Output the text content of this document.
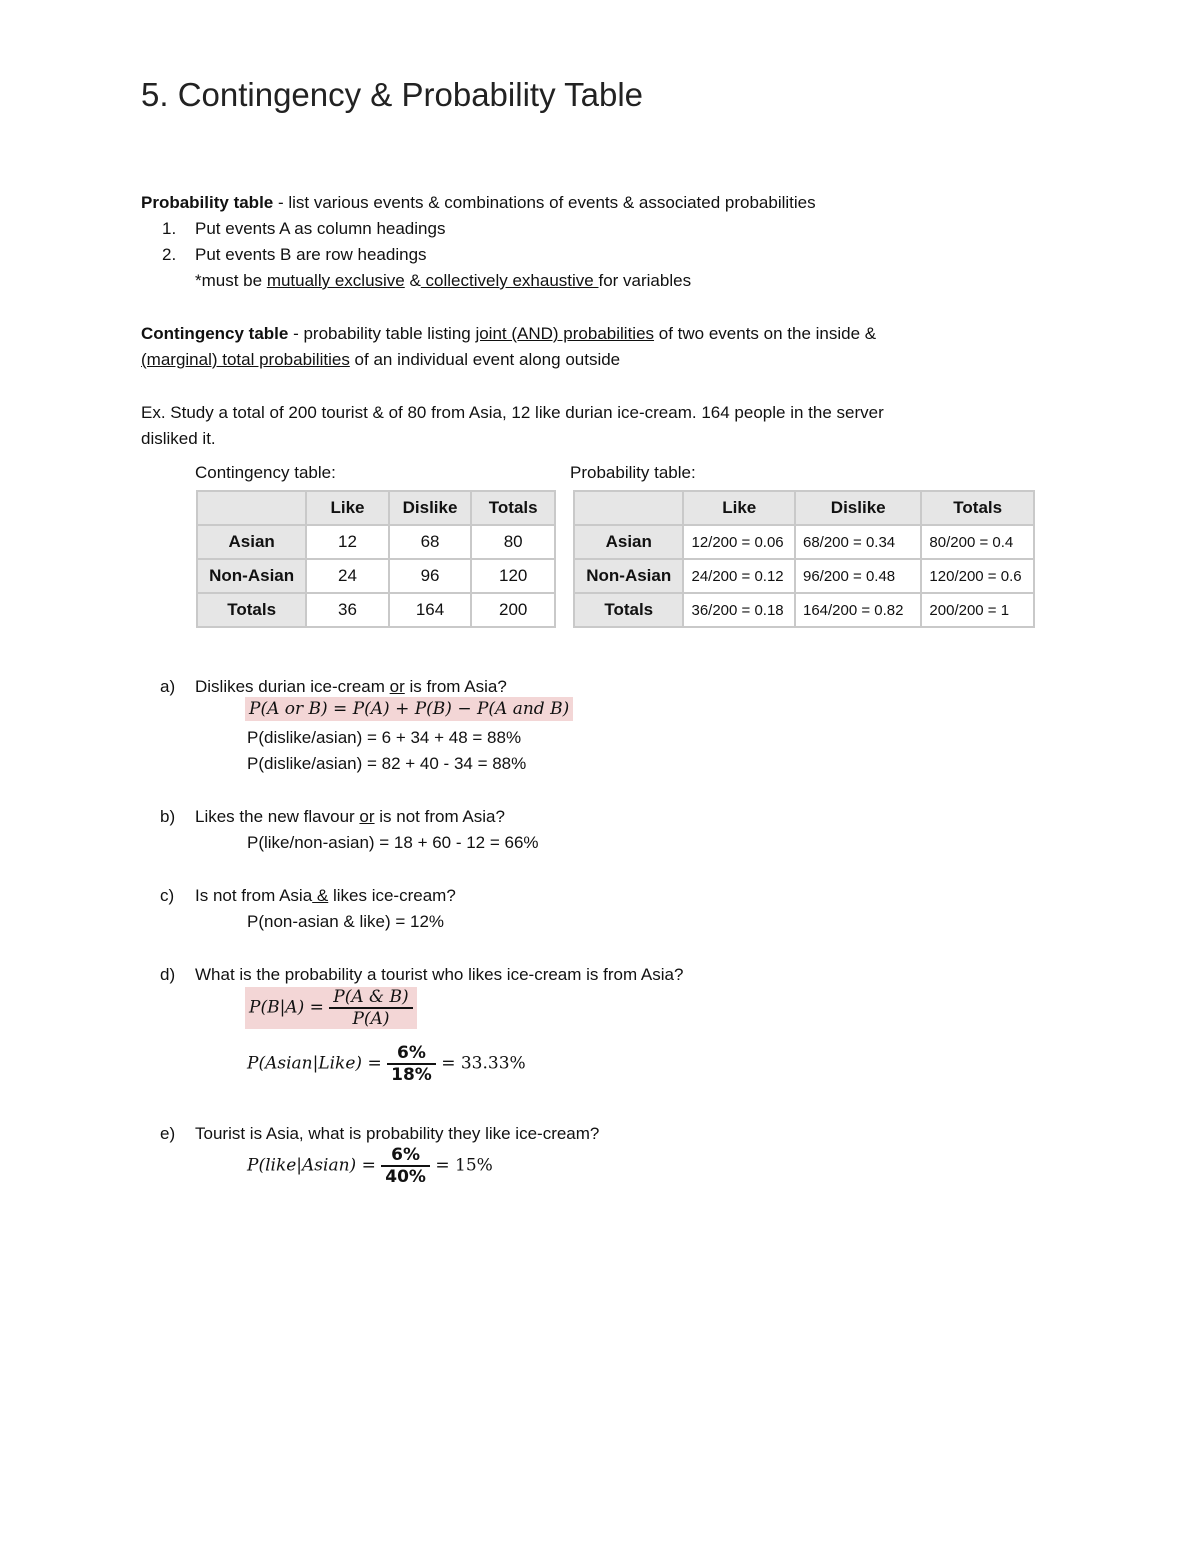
5. Contingency & Probability Table
Probability table - list various events & combinations of events & associated probabilities
1. Put events A as column headings
2. Put events B are row headings
*must be mutually exclusive & collectively exhaustive for variables
Contingency table - probability table listing joint (AND) probabilities of two events on the inside &
(marginal) total probabilities of an individual event along outside
Ex. Study a total of 200 tourist & of 80 from Asia, 12 like durian ice-cream. 164 people in the server
disliked it.
Contingency table:	Probability table:
	Like	Dislike	Totals
Asian	12	68	80
Non-Asian	24	96	120
Totals	36	164	200
	Like	Dislike	Totals
Asian	12/200 = 0.06	68/200 = 0.34	80/200 = 0.4
Non-Asian	24/200 = 0.12	96/200 = 0.48	120/200 = 0.6
Totals	36/200 = 0.18	164/200 = 0.82	200/200 = 1
a) Dislikes durian ice-cream or is from Asia?
P(A or B) = P(A) + P(B) − P(A and B)
P(dislike/asian) = 6 + 34 + 48 = 88%
P(dislike/asian) = 82 + 40 - 34 = 88%
b) Likes the new flavour or is not from Asia?
P(like/non-asian) = 18 + 60 - 12 = 66%
c) Is not from Asia & likes ice-cream?
P(non-asian & like) = 12%
d) What is the probability a tourist who likes ice-cream is from Asia?
$P(B|A) = \frac{P(A \& B)}{P(A)}$
P(Asian|Like) = $\frac{6\%}{18\%} = 33.33\%$
e) Tourist is Asia, what is probability they like ice-cream?
P(like|Asian) = $\frac{6\%}{40\%} = 15\%$
